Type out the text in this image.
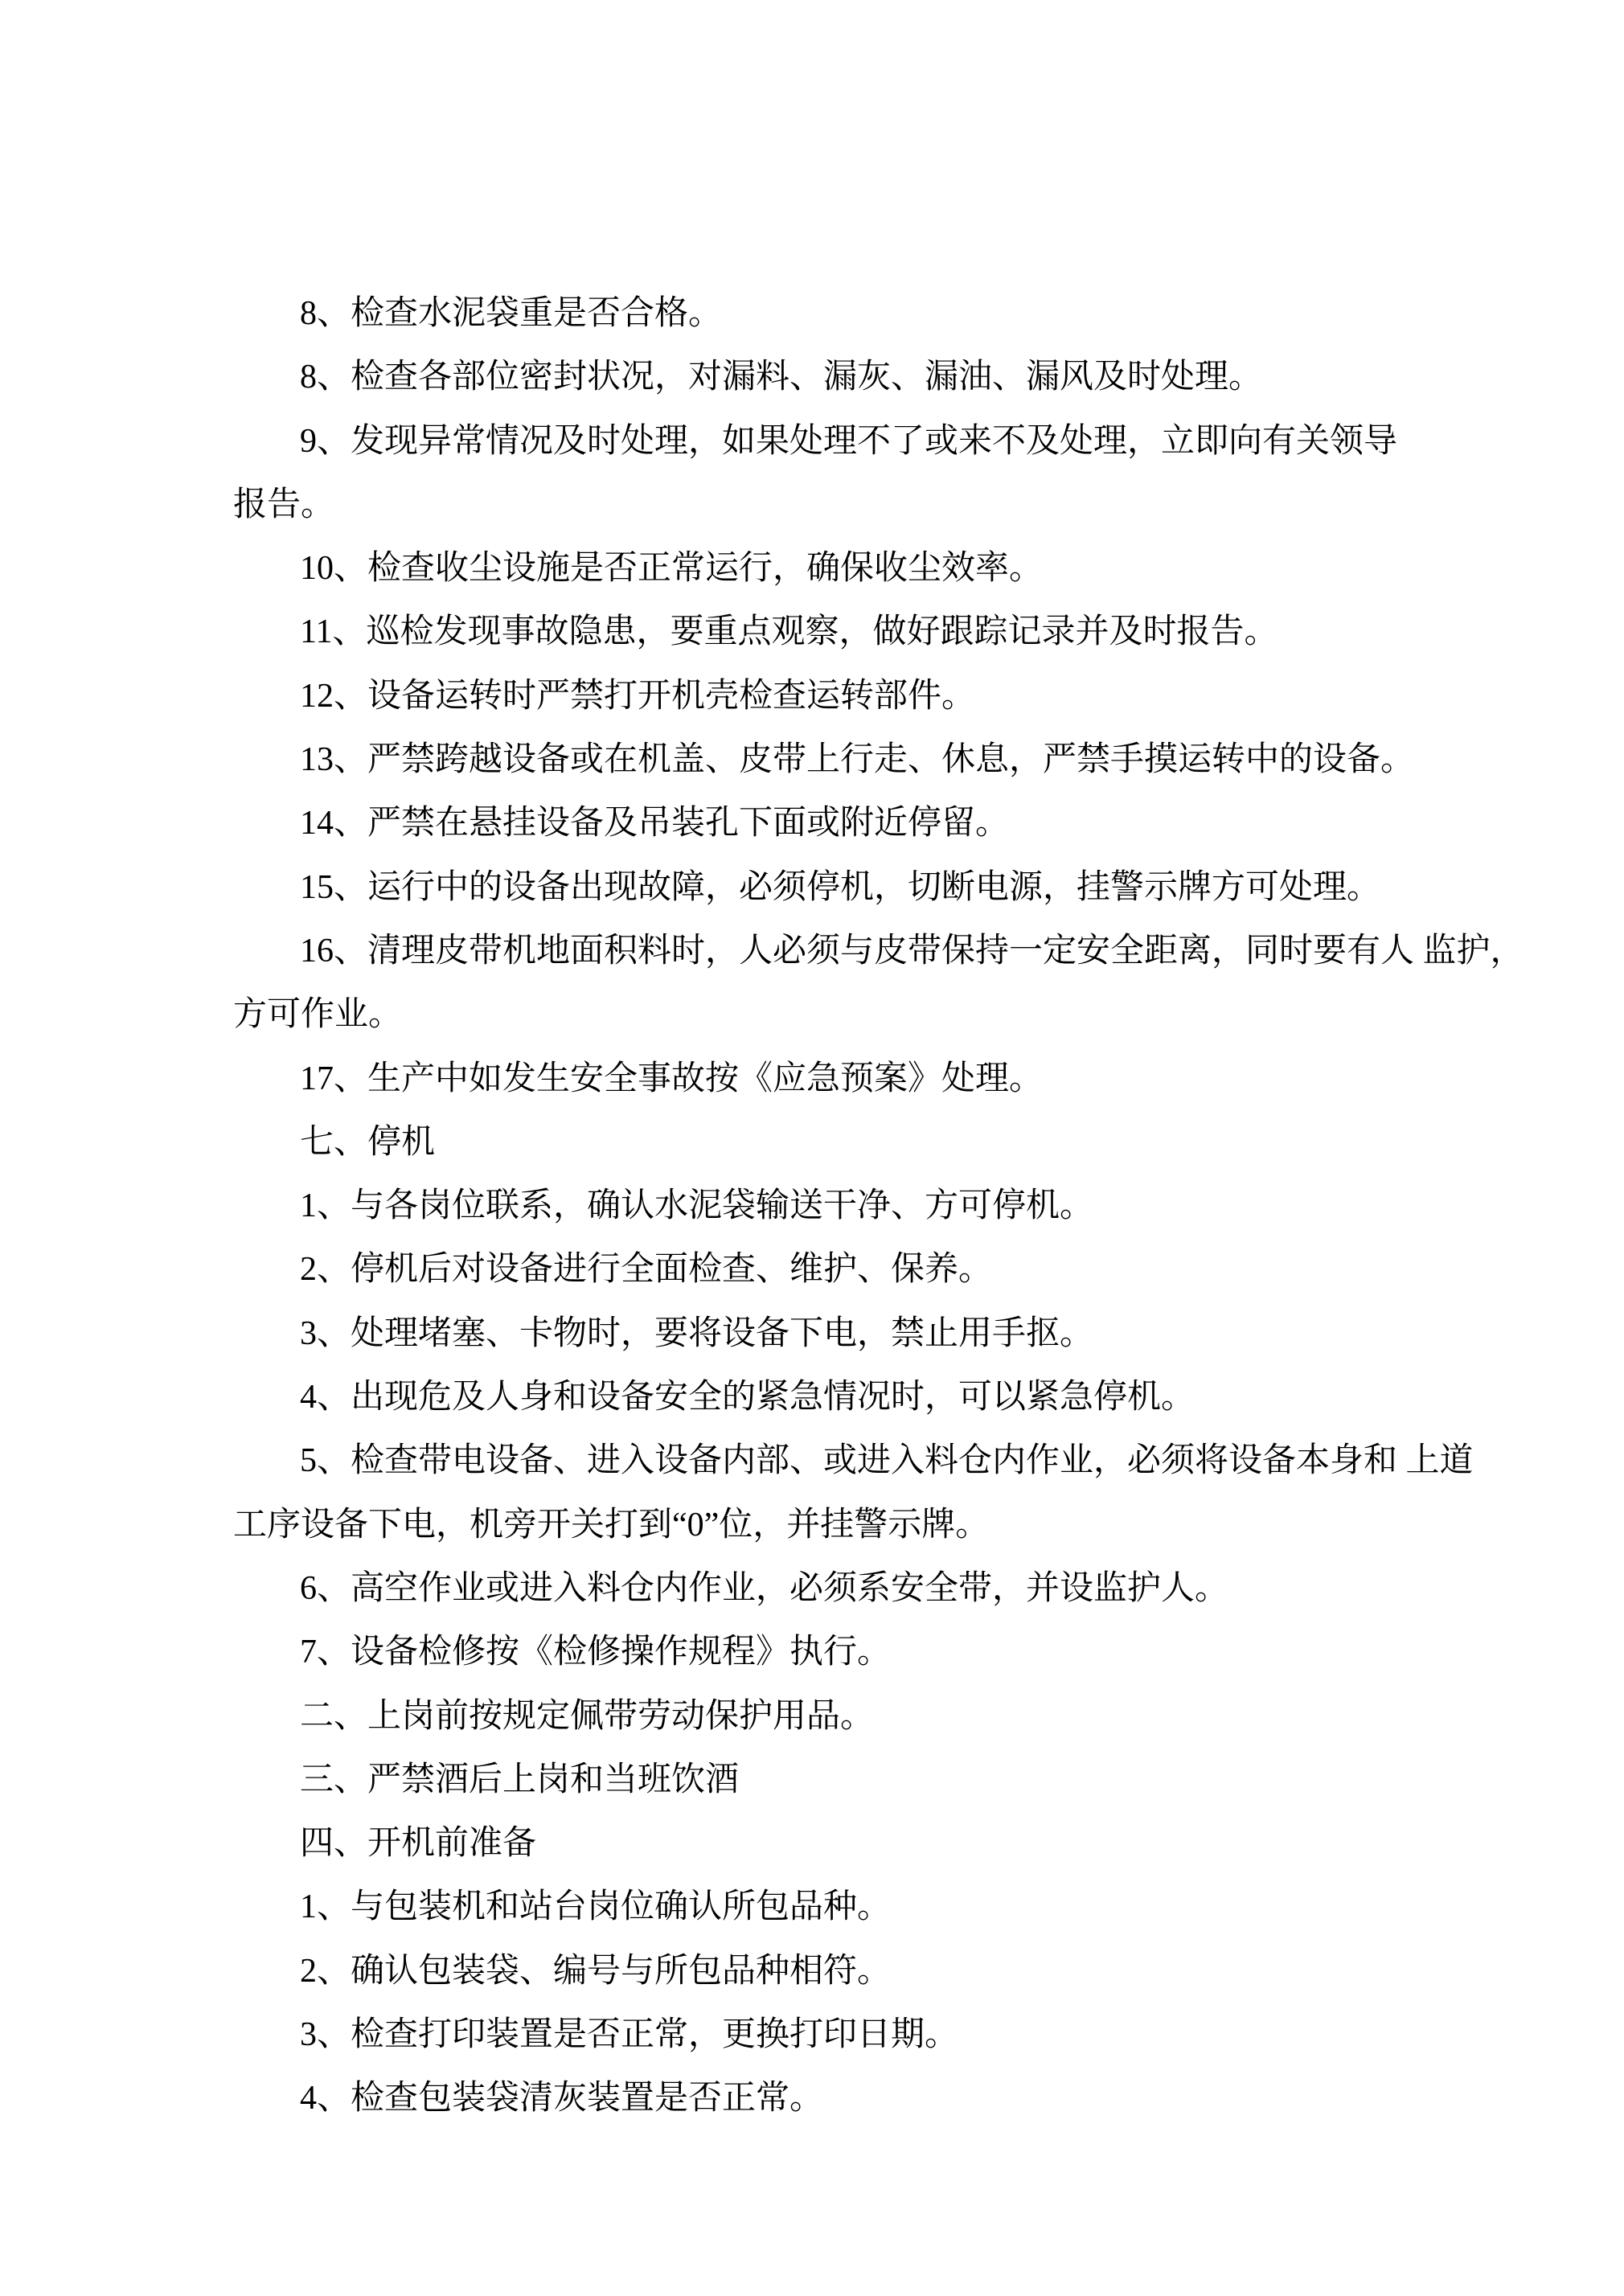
8、检查水泥袋重是否合格。
8、检查各部位密封状况，对漏料、漏灰、漏油、漏风及时处理。
9、发现异常情况及时处理，如果处理不了或来不及处理，立即向有关领导
报告。
10、检查收尘设施是否正常运行，确保收尘效率。
11、巡检发现事故隐患，要重点观察，做好跟踪记录并及时报告。
12、设备运转时严禁打开机壳检查运转部件。
13、严禁跨越设备或在机盖、皮带上行走、休息，严禁手摸运转中的设备。
14、严禁在悬挂设备及吊装孔下面或附近停留。
15、运行中的设备出现故障，必须停机，切断电源，挂警示牌方可处理。
16、清理皮带机地面积料时，人必须与皮带保持一定安全距离，同时要有人 监护，
方可作业。
17、生产中如发生安全事故按《应急预案》处理。
七、停机
1、与各岗位联系，确认水泥袋输送干净、方可停机。
2、停机后对设备进行全面检查、维护、保养。
3、处理堵塞、卡物时，要将设备下电，禁止用手抠。
4、出现危及人身和设备安全的紧急情况时，可以紧急停机。
5、检查带电设备、进入设备内部、或进入料仓内作业，必须将设备本身和 上道
工序设备下电，机旁开关打到“0”位，并挂警示牌。
6、高空作业或进入料仓内作业，必须系安全带，并设监护人。
7、设备检修按《检修操作规程》执行。
二、上岗前按规定佩带劳动保护用品。
三、严禁酒后上岗和当班饮酒
四、开机前准备
1、与包装机和站台岗位确认所包品种。
2、确认包装袋、编号与所包品种相符。
3、检查打印装置是否正常，更换打印日期。
4、检查包装袋清灰装置是否正常。
